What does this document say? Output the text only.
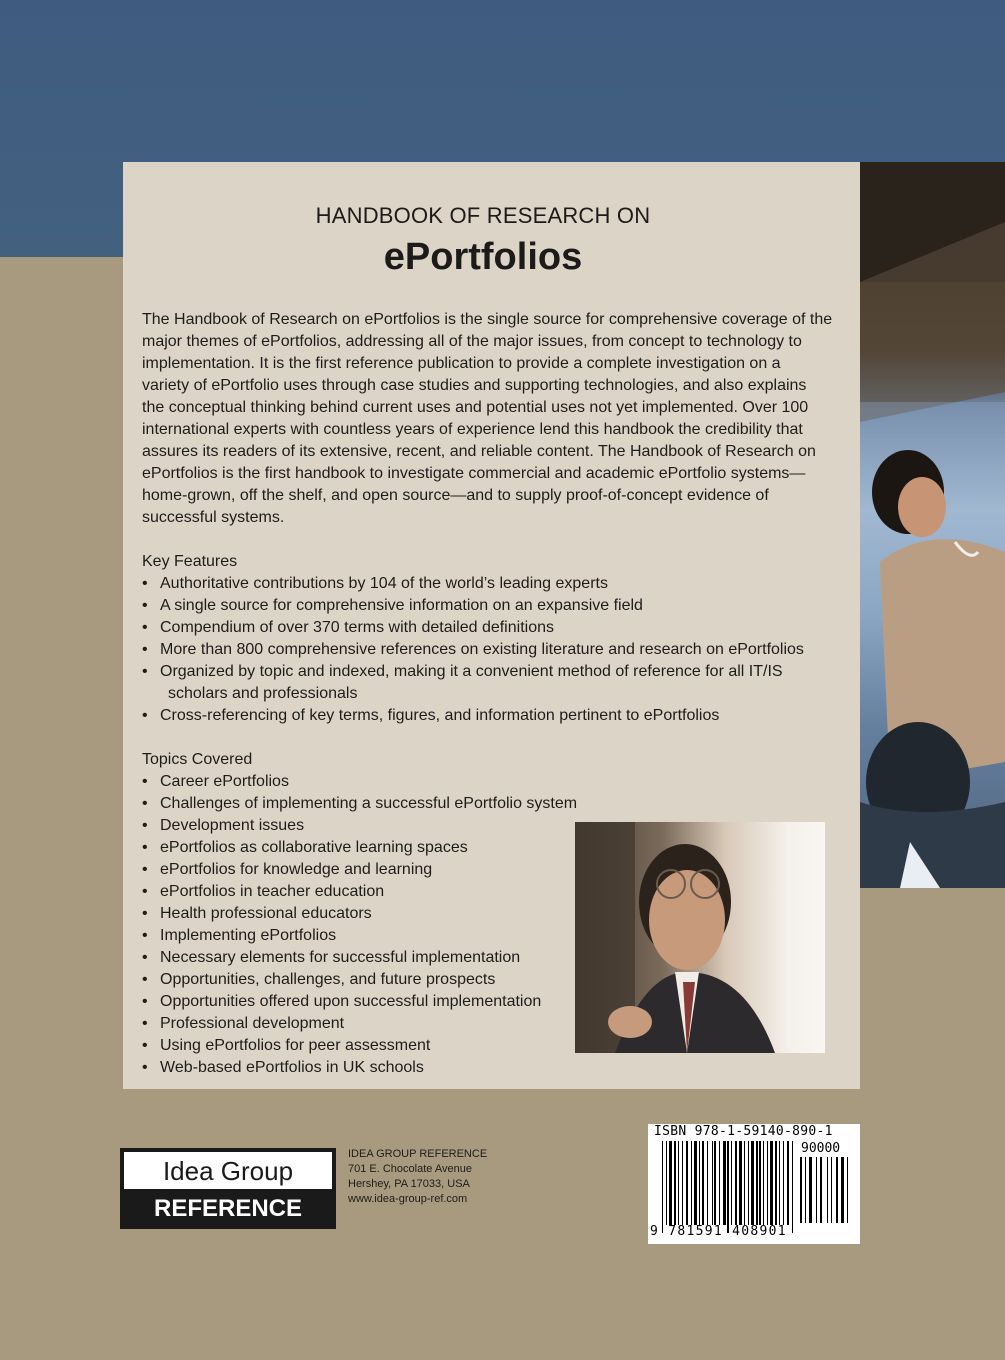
HANDBOOK OF RESEARCH ON
ePortfolios
The Handbook of Research on ePortfolios is the single source for comprehensive coverage of the
major themes of ePortfolios, addressing all of the major issues, from concept to technology to
implementation. It is the first reference publication to provide a complete investigation on a
variety of ePortfolio uses through case studies and supporting technologies, and also explains
the conceptual thinking behind current uses and potential uses not yet implemented. Over 100
international experts with countless years of experience lend this handbook the credibility that
assures its readers of its extensive, recent, and reliable content. The Handbook of Research on
ePortfolios is the first handbook to investigate commercial and academic ePortfolio systems—
home-grown, off the shelf, and open source—and to supply proof-of-concept evidence of
successful systems.
Key Features
• Authoritative contributions by 104 of the world’s leading experts
• A single source for comprehensive information on an expansive field
• Compendium of over 370 terms with detailed definitions
• More than 800 comprehensive references on existing literature and research on ePortfolios
• Organized by topic and indexed, making it a convenient method of reference for all IT/IS
scholars and professionals
• Cross-referencing of key terms, figures, and information pertinent to ePortfolios
Topics Covered
• Career ePortfolios
• Challenges of implementing a successful ePortfolio system
• Development issues
• ePortfolios as collaborative learning spaces
• ePortfolios for knowledge and learning
• ePortfolios in teacher education
• Health professional educators
• Implementing ePortfolios
• Necessary elements for successful implementation
• Opportunities, challenges, and future prospects
• Opportunities offered upon successful implementation
• Professional development
• Using ePortfolios for peer assessment
• Web-based ePortfolios in UK schools
Idea Group
REFERENCE
IDEA GROUP REFERENCE
701 E. Chocolate Avenue
Hershey, PA 17033, USA
www.idea-group-ref.com
ISBN 978-1-59140-890-1
90000
9 781591 408901
